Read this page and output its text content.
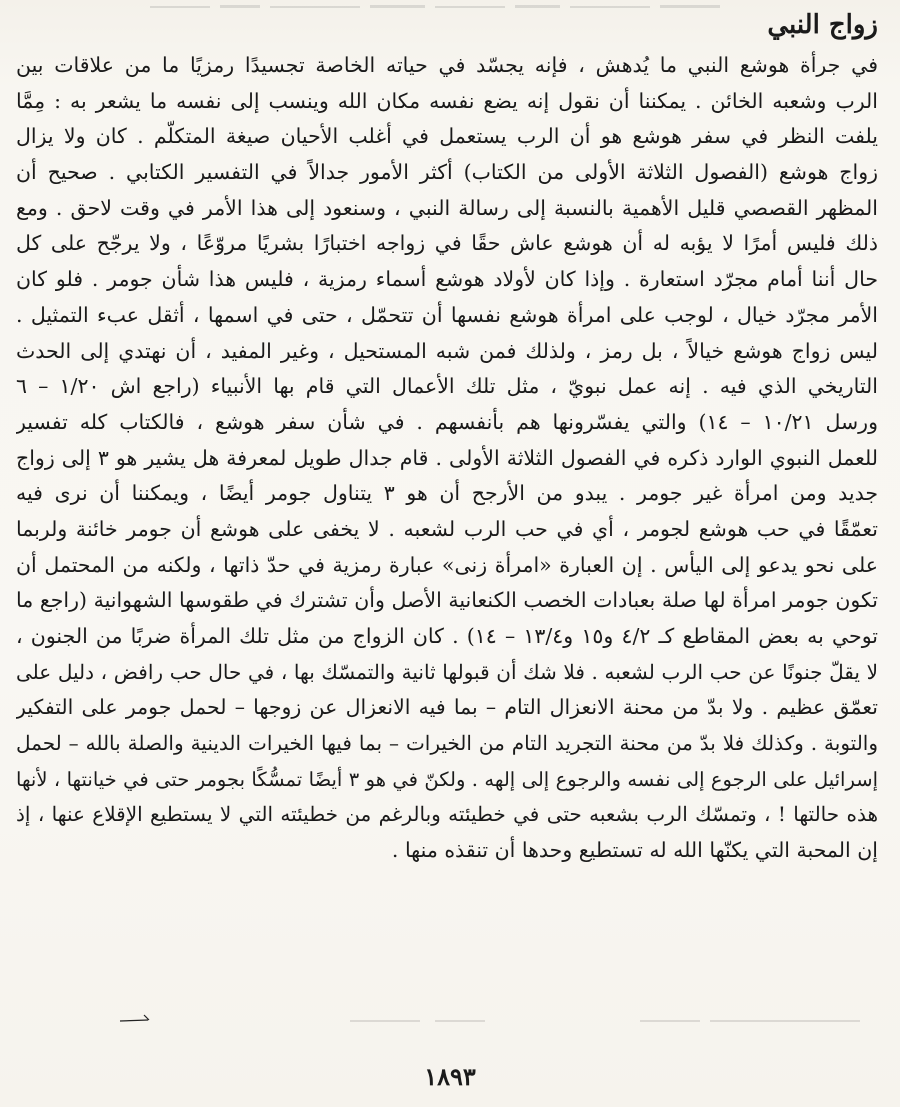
زواج النبي
في جرأة هوشع النبي ما يُدهش ، فإنه يجسّد في حياته الخاصة تجسيدًا رمزيًا ما من علاقات بين
الرب وشعبه الخائن . يمكننا أن نقول إنه يضع نفسه مكان الله وينسب إلى نفسه ما يشعر به : مِمَّا
يلفت النظر في سفر هوشع هو أن الرب يستعمل في أغلب الأحيان صيغة المتكلّم . كان ولا يزال
زواج هوشع (الفصول الثلاثة الأولى من الكتاب) أكثر الأمور جدالاً في التفسير الكتابي . صحيح أن
المظهر القصصي قليل الأهمية بالنسبة إلى رسالة النبي ، وسنعود إلى هذا الأمر في وقت لاحق . ومع
ذلك فليس أمرًا لا يؤبه له أن هوشع عاش حقًا في زواجه اختبارًا بشريًا مروّعًا ، ولا يرجّح على كل
حال أننا أمام مجرّد استعارة . وإذا كان لأولاد هوشع أسماء رمزية ، فليس هذا شأن جومر . فلو كان
الأمر مجرّد خيال ، لوجب على امرأة هوشع نفسها أن تتحمّل ، حتى في اسمها ، أثقل عبء التمثيل .
ليس زواج هوشع خيالاً ، بل رمز ، ولذلك فمن شبه المستحيل ، وغير المفيد ، أن نهتدي إلى الحدث
التاريخي الذي فيه . إنه عمل نبويّ ، مثل تلك الأعمال التي قام بها الأنبياء (راجع اش ١/٢٠ – ٦
ورسل ١٠/٢١ – ١٤) والتي يفسّرونها هم بأنفسهم . في شأن سفر هوشع ، فالكتاب كله تفسير
للعمل النبوي الوارد ذكره في الفصول الثلاثة الأولى . قام جدال طويل لمعرفة هل يشير هو ٣ إلى زواج
جديد ومن امرأة غير جومر . يبدو من الأرجح أن هو ٣ يتناول جومر أيضًا ، ويمكننا أن نرى فيه
تعمّقًا في حب هوشع لجومر ، أي في حب الرب لشعبه . لا يخفى على هوشع أن جومر خائنة ولربما
على نحو يدعو إلى اليأس . إن العبارة «امرأة زنى» عبارة رمزية في حدّ ذاتها ، ولكنه من المحتمل أن
تكون جومر امرأة لها صلة بعبادات الخصب الكنعانية الأصل وأن تشترك في طقوسها الشهوانية (راجع ما
توحي به بعض المقاطع كـ ٤/٢ و١٥ و١٣/٤ – ١٤) . كان الزواج من مثل تلك المرأة ضربًا من الجنون ،
لا يقلّ جنونًا عن حب الرب لشعبه . فلا شك أن قبولها ثانية والتمسّك بها ، في حال حب رافض ، دليل على
تعمّق عظيم . ولا بدّ من محنة الانعزال التام – بما فيه الانعزال عن زوجها – لحمل جومر على التفكير
والتوبة . وكذلك فلا بدّ من محنة التجريد التام من الخيرات – بما فيها الخيرات الدينية والصلة بالله – لحمل
إسرائيل على الرجوع إلى نفسه والرجوع إلى إلهه . ولكنّ في هو ٣ أيضًا تمسُّكًا بجومر حتى في خيانتها ، لأنها
هذه حالتها ! ، وتمسّك الرب بشعبه حتى في خطيئته وبالرغم من خطيئته التي لا يستطيع الإقلاع عنها ، إذ
إن المحبة التي يكنّها الله له تستطيع وحدها أن تنقذه منها .
١٨٩٣
